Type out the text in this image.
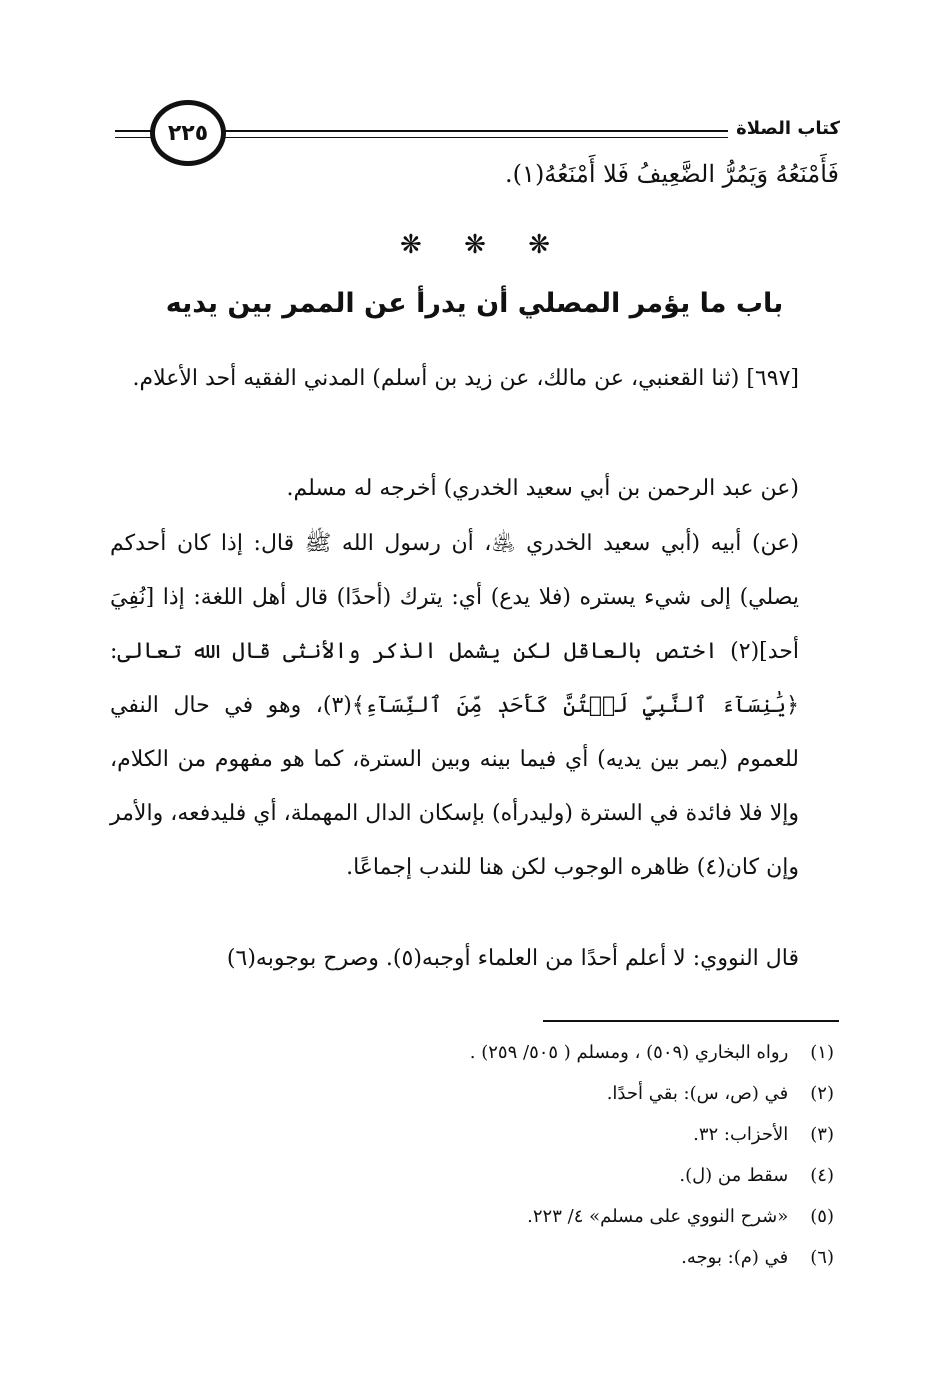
كتاب الصلاة
٢٢٥
فَأَمْنَعُهُ وَيَمُرُّ الضَّعِيفُ فَلا أَمْنَعُهُ(١).
❋ ❋ ❋
باب ما يؤمر المصلي أن يدرأ عن الممر بين يديه
[٦٩٧] (ثنا القعنبي، عن مالك، عن زيد بن أسلم) المدني الفقيه أحد الأعلام.
(عن عبد الرحمن بن أبي سعيد الخدري) أخرجه له مسلم.
(عن) أبيه (أبي سعيد الخدري ﵁، أن رسول الله ﷺ قال: إذا كان أحدكم يصلي) إلى شيء يستره (فلا يدع) أي: يترك (أحدًا) قال أهل اللغة: إذا [نُفِيَ أحد](٢) اختص بالعاقل لكن يشمل الذكر والأنثى قال الله تعالى: ﴿يَٰنِسَآءَ ٱلنَّبِيِّ لَسۡتُنَّ كَأَحَدٖ مِّنَ ٱلنِّسَآءِ﴾(٣)، وهو في حال النفي للعموم (يمر بين يديه) أي فيما بينه وبين السترة، كما هو مفهوم من الكلام، وإلا فلا فائدة في السترة (وليدرأه) بإسكان الدال المهملة، أي فليدفعه، والأمر وإن كان(٤) ظاهره الوجوب لكن هنا للندب إجماعًا.
قال النووي: لا أعلم أحدًا من العلماء أوجبه(٥). وصرح بوجوبه(٦)
(١) رواه البخاري (٥٠٩) ، ومسلم ( ٥٠٥/ ٢٥٩) .
(٢) في (ص، س): بقي أحدًا.
(٣) الأحزاب: ٣٢.
(٤) سقط من (ل).
(٥) «شرح النووي على مسلم» ٤/ ٢٢٣.
(٦) في (م): بوجه.
